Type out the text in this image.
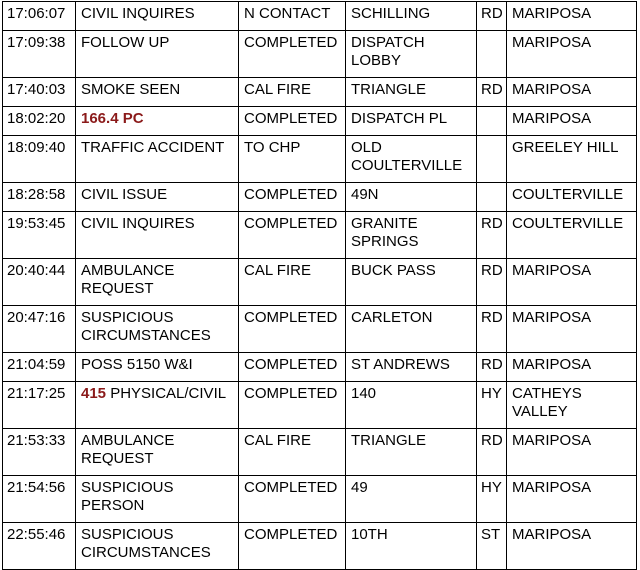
17:06:07	CIVIL INQUIRES	N CONTACT	SCHILLING	RD	MARIPOSA
17:09:38	FOLLOW UP	COMPLETED	DISPATCH LOBBY		MARIPOSA
17:40:03	SMOKE SEEN	CAL FIRE	TRIANGLE	RD	MARIPOSA
18:02:20	166.4 PC	COMPLETED	DISPATCH PL		MARIPOSA
18:09:40	TRAFFIC ACCIDENT	TO CHP	OLD COULTERVILLE		GREELEY HILL
18:28:58	CIVIL ISSUE	COMPLETED	49N		COULTERVILLE
19:53:45	CIVIL INQUIRES	COMPLETED	GRANITE SPRINGS	RD	COULTERVILLE
20:40:44	AMBULANCE REQUEST	CAL FIRE	BUCK PASS	RD	MARIPOSA
20:47:16	SUSPICIOUS CIRCUMSTANCES	COMPLETED	CARLETON	RD	MARIPOSA
21:04:59	POSS 5150 W&I	COMPLETED	ST ANDREWS	RD	MARIPOSA
21:17:25	415 PHYSICAL/CIVIL	COMPLETED	140	HY	CATHEYS VALLEY
21:53:33	AMBULANCE REQUEST	CAL FIRE	TRIANGLE	RD	MARIPOSA
21:54:56	SUSPICIOUS PERSON	COMPLETED	49	HY	MARIPOSA
22:55:46	SUSPICIOUS CIRCUMSTANCES	COMPLETED	10TH	ST	MARIPOSA
